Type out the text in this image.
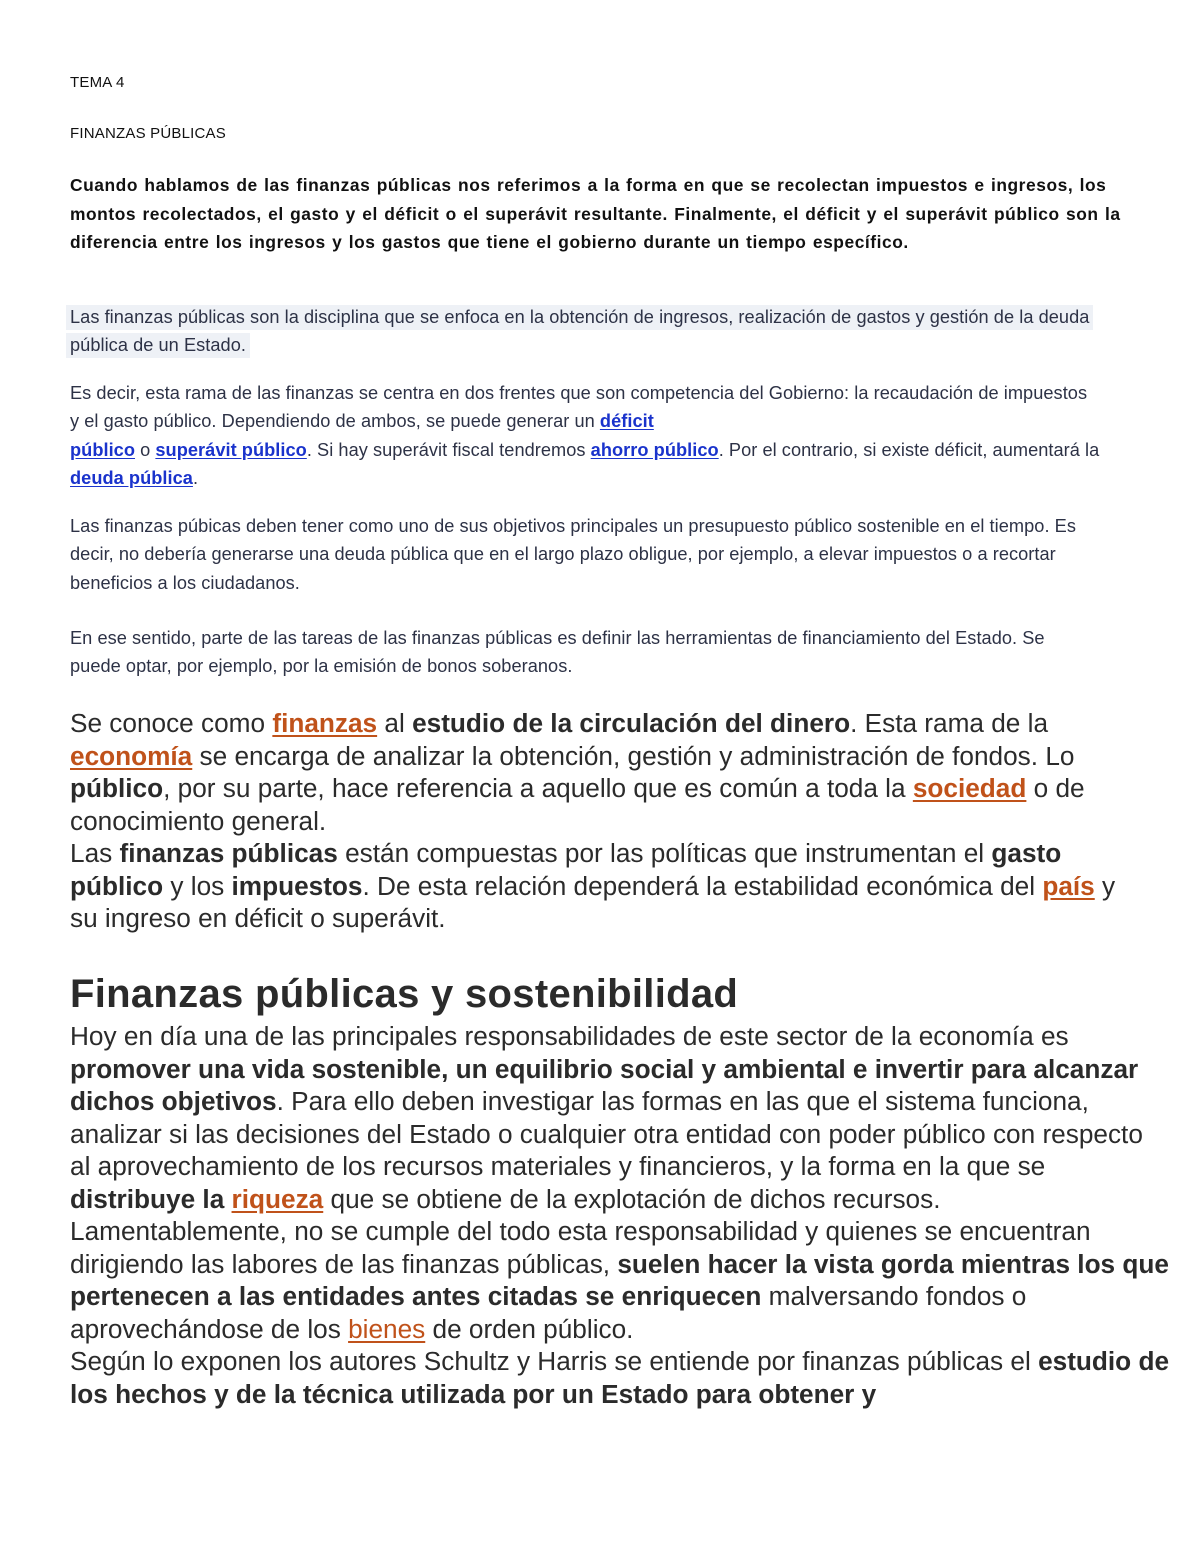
TEMA 4
FINANZAS PÚBLICAS
Cuando hablamos de las finanzas públicas nos referimos a la forma en que se recolectan impuestos e ingresos, los montos recolectados, el gasto y el déficit o el superávit resultante. Finalmente, el déficit y el superávit público son la diferencia entre los ingresos y los gastos que tiene el gobierno durante un tiempo específico.
Las finanzas públicas son la disciplina que se enfoca en la obtención de ingresos, realización de gastos y gestión de la deuda pública de un Estado.
Es decir, esta rama de las finanzas se centra en dos frentes que son competencia del Gobierno: la recaudación de impuestos y el gasto público. Dependiendo de ambos, se puede generar un déficit
público o superávit público. Si hay superávit fiscal tendremos ahorro público. Por el contrario, si existe déficit, aumentará la deuda pública.
Las finanzas púbicas deben tener como uno de sus objetivos principales un presupuesto público sostenible en el tiempo. Es decir, no debería generarse una deuda pública que en el largo plazo obligue, por ejemplo, a elevar impuestos o a recortar beneficios a los ciudadanos.
En ese sentido, parte de las tareas de las finanzas públicas es definir las herramientas de financiamiento del Estado. Se puede optar, por ejemplo, por la emisión de bonos soberanos.
Se conoce como finanzas al estudio de la circulación del dinero. Esta rama de la economía se encarga de analizar la obtención, gestión y administración de fondos. Lo público, por su parte, hace referencia a aquello que es común a toda la sociedad o de conocimiento general.
Las finanzas públicas están compuestas por las políticas que instrumentan el gasto público y los impuestos. De esta relación dependerá la estabilidad económica del país y su ingreso en déficit o superávit.
Finanzas públicas y sostenibilidad
Hoy en día una de las principales responsabilidades de este sector de la economía es promover una vida sostenible, un equilibrio social y ambiental e invertir para alcanzar dichos objetivos. Para ello deben investigar las formas en las que el sistema funciona, analizar si las decisiones del Estado o cualquier otra entidad con poder público con respecto al aprovechamiento de los recursos materiales y financieros, y la forma en la que se distribuye la riqueza que se obtiene de la explotación de dichos recursos.
Lamentablemente, no se cumple del todo esta responsabilidad y quienes se encuentran dirigiendo las labores de las finanzas públicas, suelen hacer la vista gorda mientras los que pertenecen a las entidades antes citadas se enriquecen malversando fondos o aprovechándose de los bienes de orden público.
Según lo exponen los autores Schultz y Harris se entiende por finanzas públicas el estudio de los hechos y de la técnica utilizada por un Estado para obtener y
